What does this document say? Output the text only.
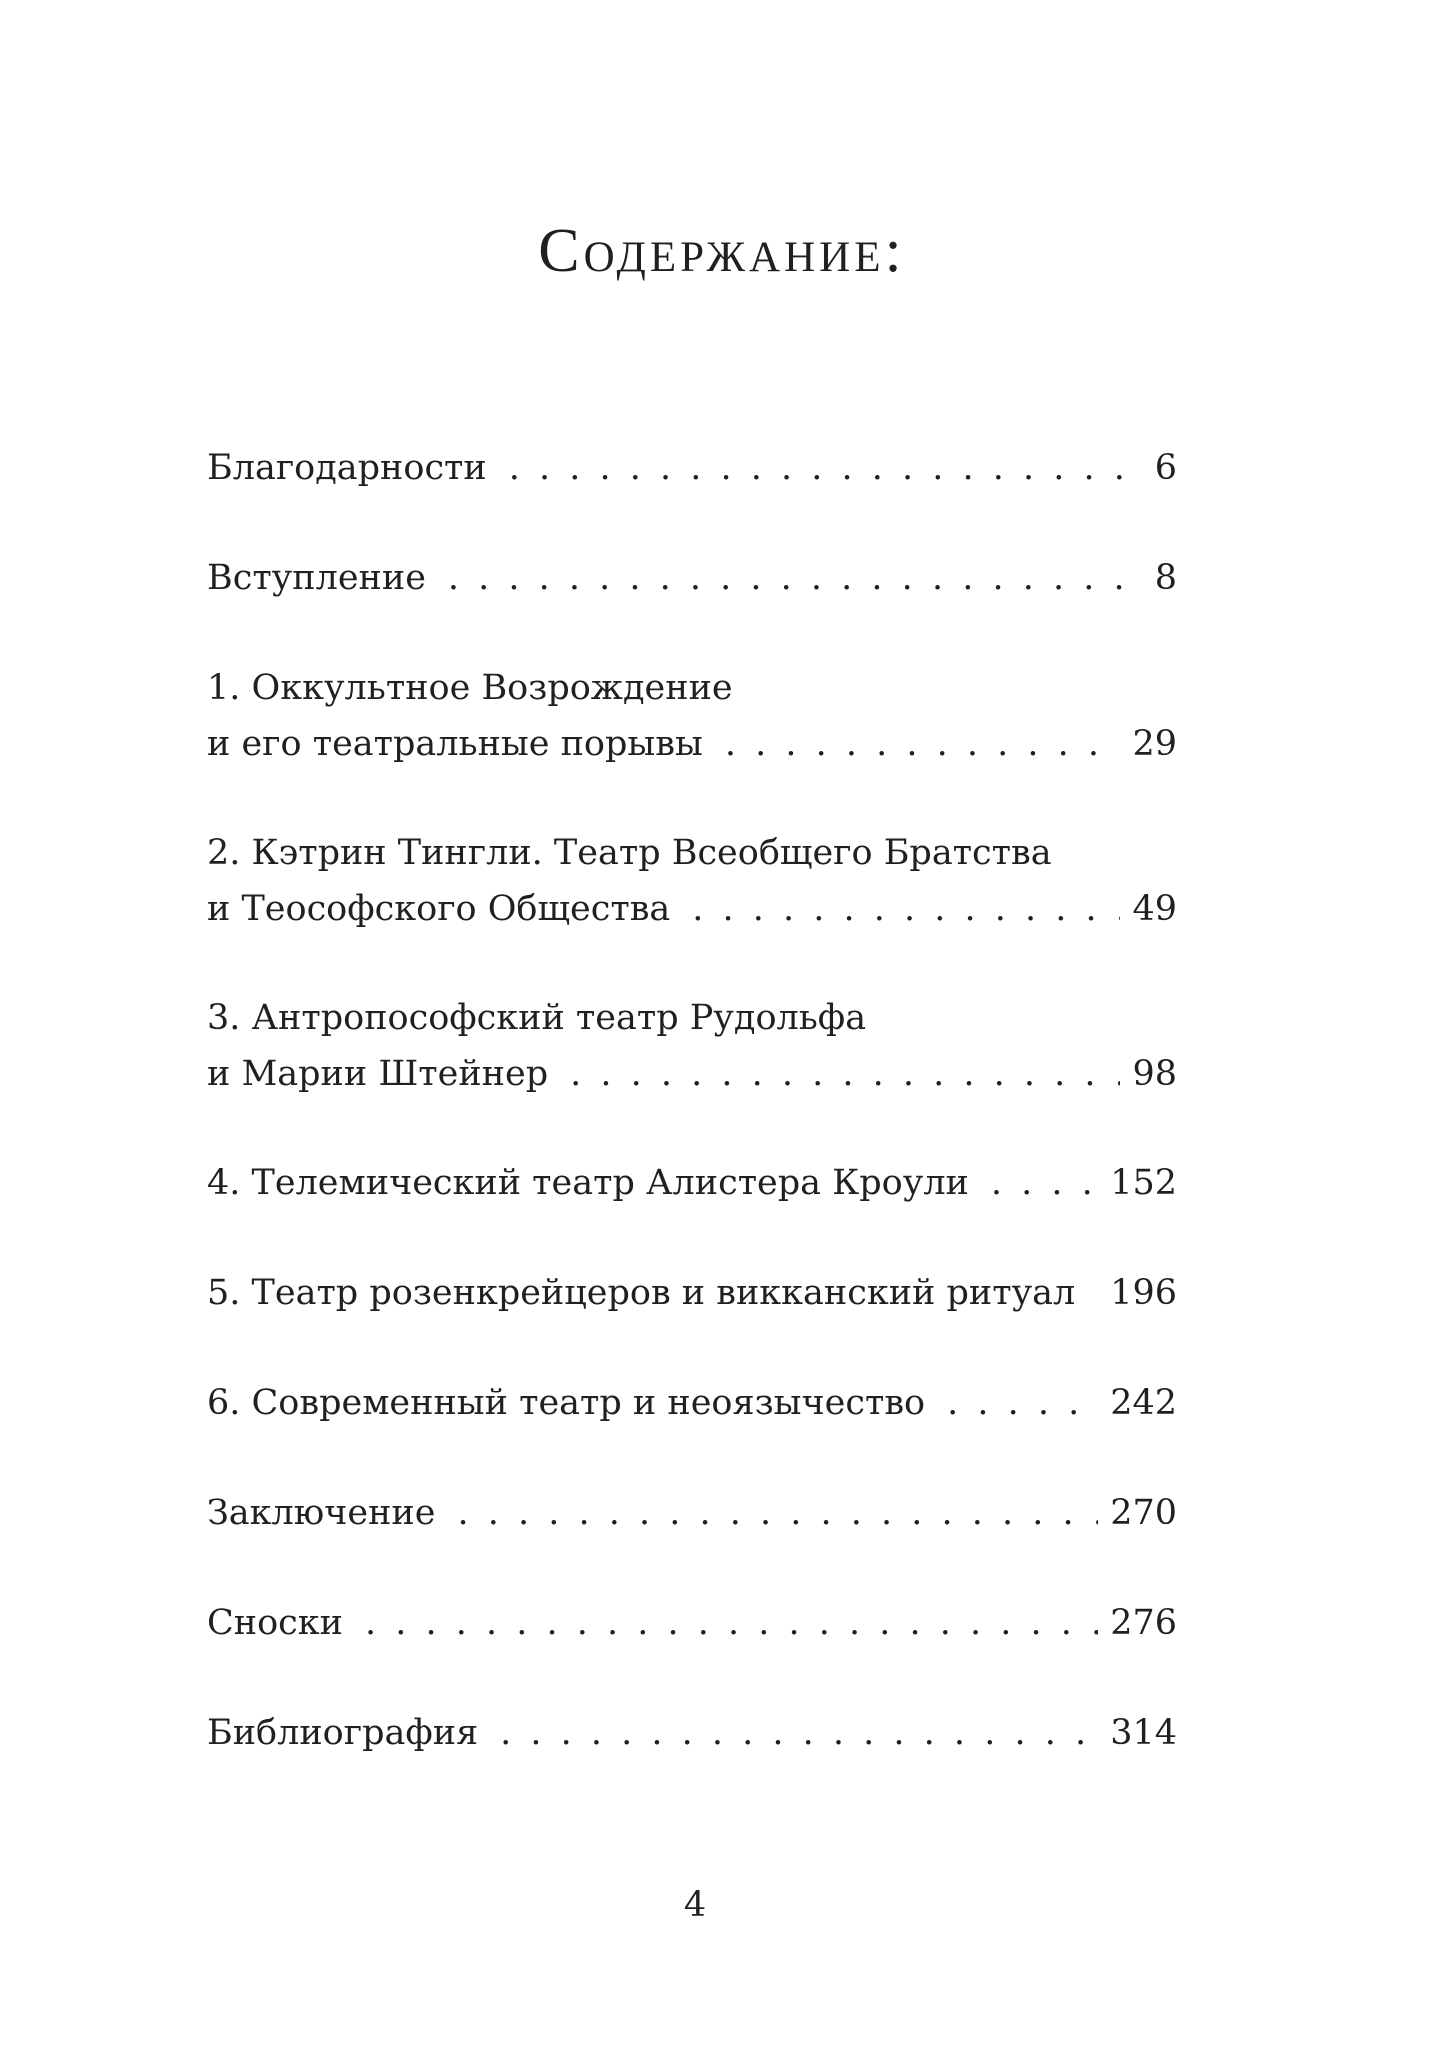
Содержание:
Благодарности . . .	6
Вступление . . .	8
1. Оккультное Возрождение
и его театральные порывы . . .	29
2. Кэтрин Тингли. Театр Всеобщего Братства
и Теософского Общества . . .	49
3. Антропософский театр Рудольфа
и Марии Штейнер . . .	98
4. Телемический театр Алистера Кроули . . .	152
5. Театр розенкрейцеров и викканский ритуал . . . 196
6. Современный театр и неоязычество . . .	242
Заключение . . .	270
Сноски . . .	276
Библиография . . .	314
4
